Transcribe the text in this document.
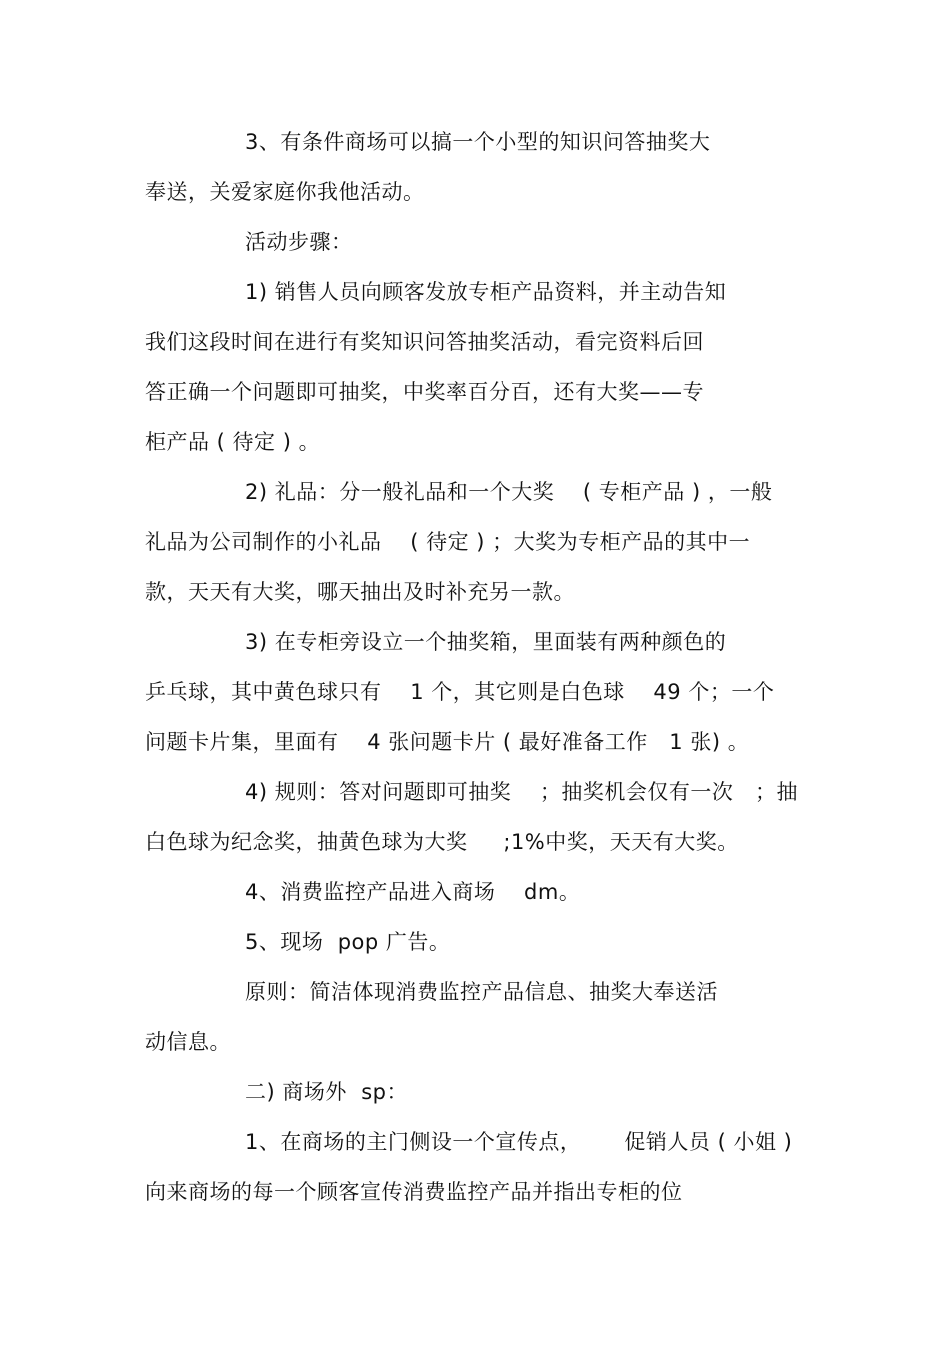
3、有条件商场可以搞一个小型的知识问答抽奖大
奉送，关爱家庭你我他活动。
活动步骤：
1) 销售人员向顾客发放专柜产品资料，并主动告知
我们这段时间在进行有奖知识问答抽奖活动，看完资料后回
答正确一个问题即可抽奖，中奖率百分百，还有大奖——专
柜产品 ( 待定 ) 。
2) 礼品：分一般礼品和一个大奖    ( 专柜产品 ) ，一般
礼品为公司制作的小礼品    ( 待定 ) ；大奖为专柜产品的其中一
款，天天有大奖，哪天抽出及时补充另一款。
3) 在专柜旁设立一个抽奖箱，里面装有两种颜色的
乒乓球，其中黄色球只有    1 个，其它则是白色球    49 个；一个
问题卡片集，里面有    4 张问题卡片 ( 最好准备工作   1 张) 。
4) 规则：答对问题即可抽奖    ；抽奖机会仅有一次   ；抽
白色球为纪念奖，抽黄色球为大奖     ;1%中奖，天天有大奖。
4、消费监控产品进入商场    dm。
5、现场  pop 广告。
原则：简洁体现消费监控产品信息、抽奖大奉送活
动信息。
二) 商场外  sp：
1、在商场的主门侧设一个宣传点，      促销人员 ( 小姐 )
向来商场的每一个顾客宣传消费监控产品并指出专柜的位
